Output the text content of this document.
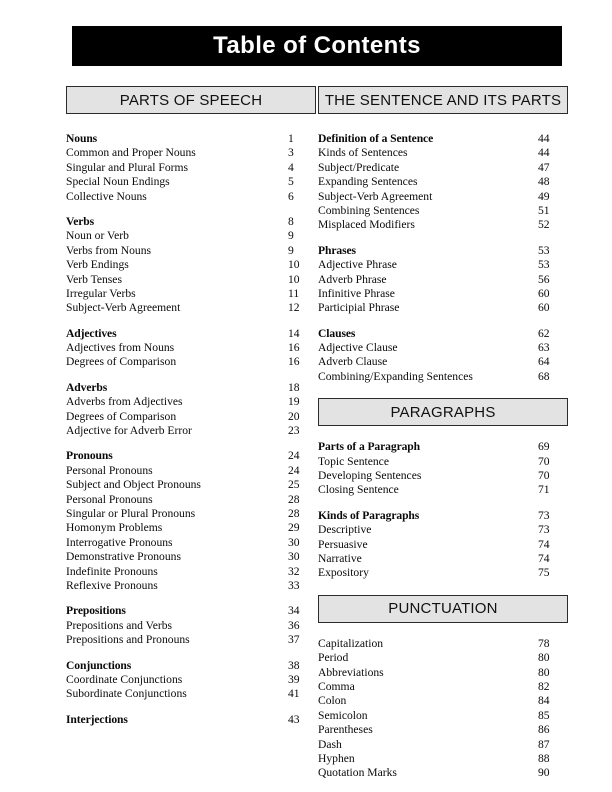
Table of Contents
PARTS OF SPEECH
Nouns	1
Common and Proper Nouns	3
Singular and Plural Forms	4
Special Noun Endings	5
Collective Nouns	6
Verbs	8
Noun or Verb	9
Verbs from Nouns	9
Verb Endings	10
Verb Tenses	10
Irregular Verbs	11
Subject-Verb Agreement	12
Adjectives	14
Adjectives from Nouns	16
Degrees of Comparison	16
Adverbs	18
Adverbs from Adjectives	19
Degrees of Comparison	20
Adjective for Adverb Error	23
Pronouns	24
Personal Pronouns	24
Subject and Object Pronouns	25
Personal Pronouns	28
Singular or Plural Pronouns	28
Homonym Problems	29
Interrogative Pronouns	30
Demonstrative Pronouns	30
Indefinite Pronouns	32
Reflexive Pronouns	33
Prepositions	34
Prepositions and Verbs	36
Prepositions and Pronouns	37
Conjunctions	38
Coordinate Conjunctions	39
Subordinate Conjunctions	41
Interjections	43
THE SENTENCE AND ITS PARTS
Definition of a Sentence	44
Kinds of Sentences	44
Subject/Predicate	47
Expanding Sentences	48
Subject-Verb Agreement	49
Combining Sentences	51
Misplaced Modifiers	52
Phrases	53
Adjective Phrase	53
Adverb Phrase	56
Infinitive Phrase	60
Participial Phrase	60
Clauses	62
Adjective Clause	63
Adverb Clause	64
Combining/Expanding Sentences	68
PARAGRAPHS
Parts of a Paragraph	69
Topic Sentence	70
Developing Sentences	70
Closing Sentence	71
Kinds of Paragraphs	73
Descriptive	73
Persuasive	74
Narrative	74
Expository	75
PUNCTUATION
Capitalization	78
Period	80
Abbreviations	80
Comma	82
Colon	84
Semicolon	85
Parentheses	86
Dash	87
Hyphen	88
Quotation Marks	90
